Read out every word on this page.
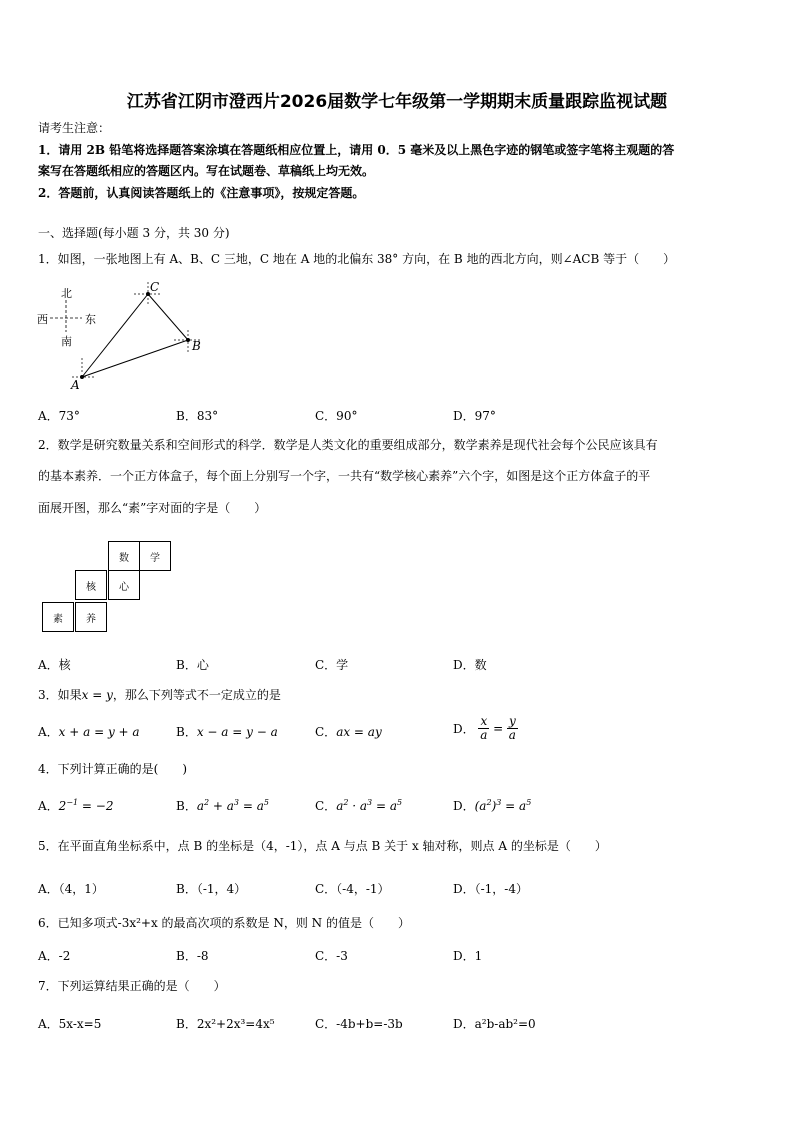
江苏省江阴市澄西片2026届数学七年级第一学期期末质量跟踪监视试题
请考生注意：
1．请用 2B 铅笔将选择题答案涂填在答题纸相应位置上，请用 0．5 毫米及以上黑色字迹的钢笔或签字笔将主观题的答
案写在答题纸相应的答题区内。写在试题卷、草稿纸上均无效。
2．答题前，认真阅读答题纸上的《注意事项》，按规定答题。
一、选择题(每小题 3 分，共 30 分)
1．如图，一张地图上有 A、B、C 三地，C 地在 A 地的北偏东 38° 方向，在 B 地的西北方向，则∠ACB 等于（　　）
北
西	东
南
C
B
A
A．73°	B．83°	C．90°	D．97°
2．数学是研究数量关系和空间形式的科学．数学是人类文化的重要组成部分，数学素养是现代社会每个公民应该具有
的基本素养．一个正方体盒子，每个面上分别写一个字，一共有“数学核心素养”六个字，如图是这个正方体盒子的平
面展开图，那么“素”字对面的字是（　　）
数	学
核	心
素	养
A．核	B．心	C．学	D．数
3．如果x = y，那么下列等式不一定成立的是
A．x + a = y + a	B．x − a = y − a	C．ax = ay	D． $\frac{x}{a} = \frac{y}{a}$
4．下列计算正确的是(　　)
A．$2^{-1} = -2$	B．$a^2 + a^3 = a^5$	C．$a^2 \cdot a^3 = a^5$	D．$(a^2)^3 = a^5$
5．在平面直角坐标系中，点 B 的坐标是（4，-1），点 A 与点 B 关于 x 轴对称，则点 A 的坐标是（　　）
A．（4，1）	B．（-1，4）	C．（-4，-1）	D．（-1，-4）
6．已知多项式-3x²+x 的最高次项的系数是 N，则 N 的值是（　　）
A．-2	B．-8	C．-3	D．1
7．下列运算结果正确的是（　　）
A．5x-x=5	B．2x²+2x³=4x⁵	C．-4b+b=-3b	D．a²b-ab²=0
